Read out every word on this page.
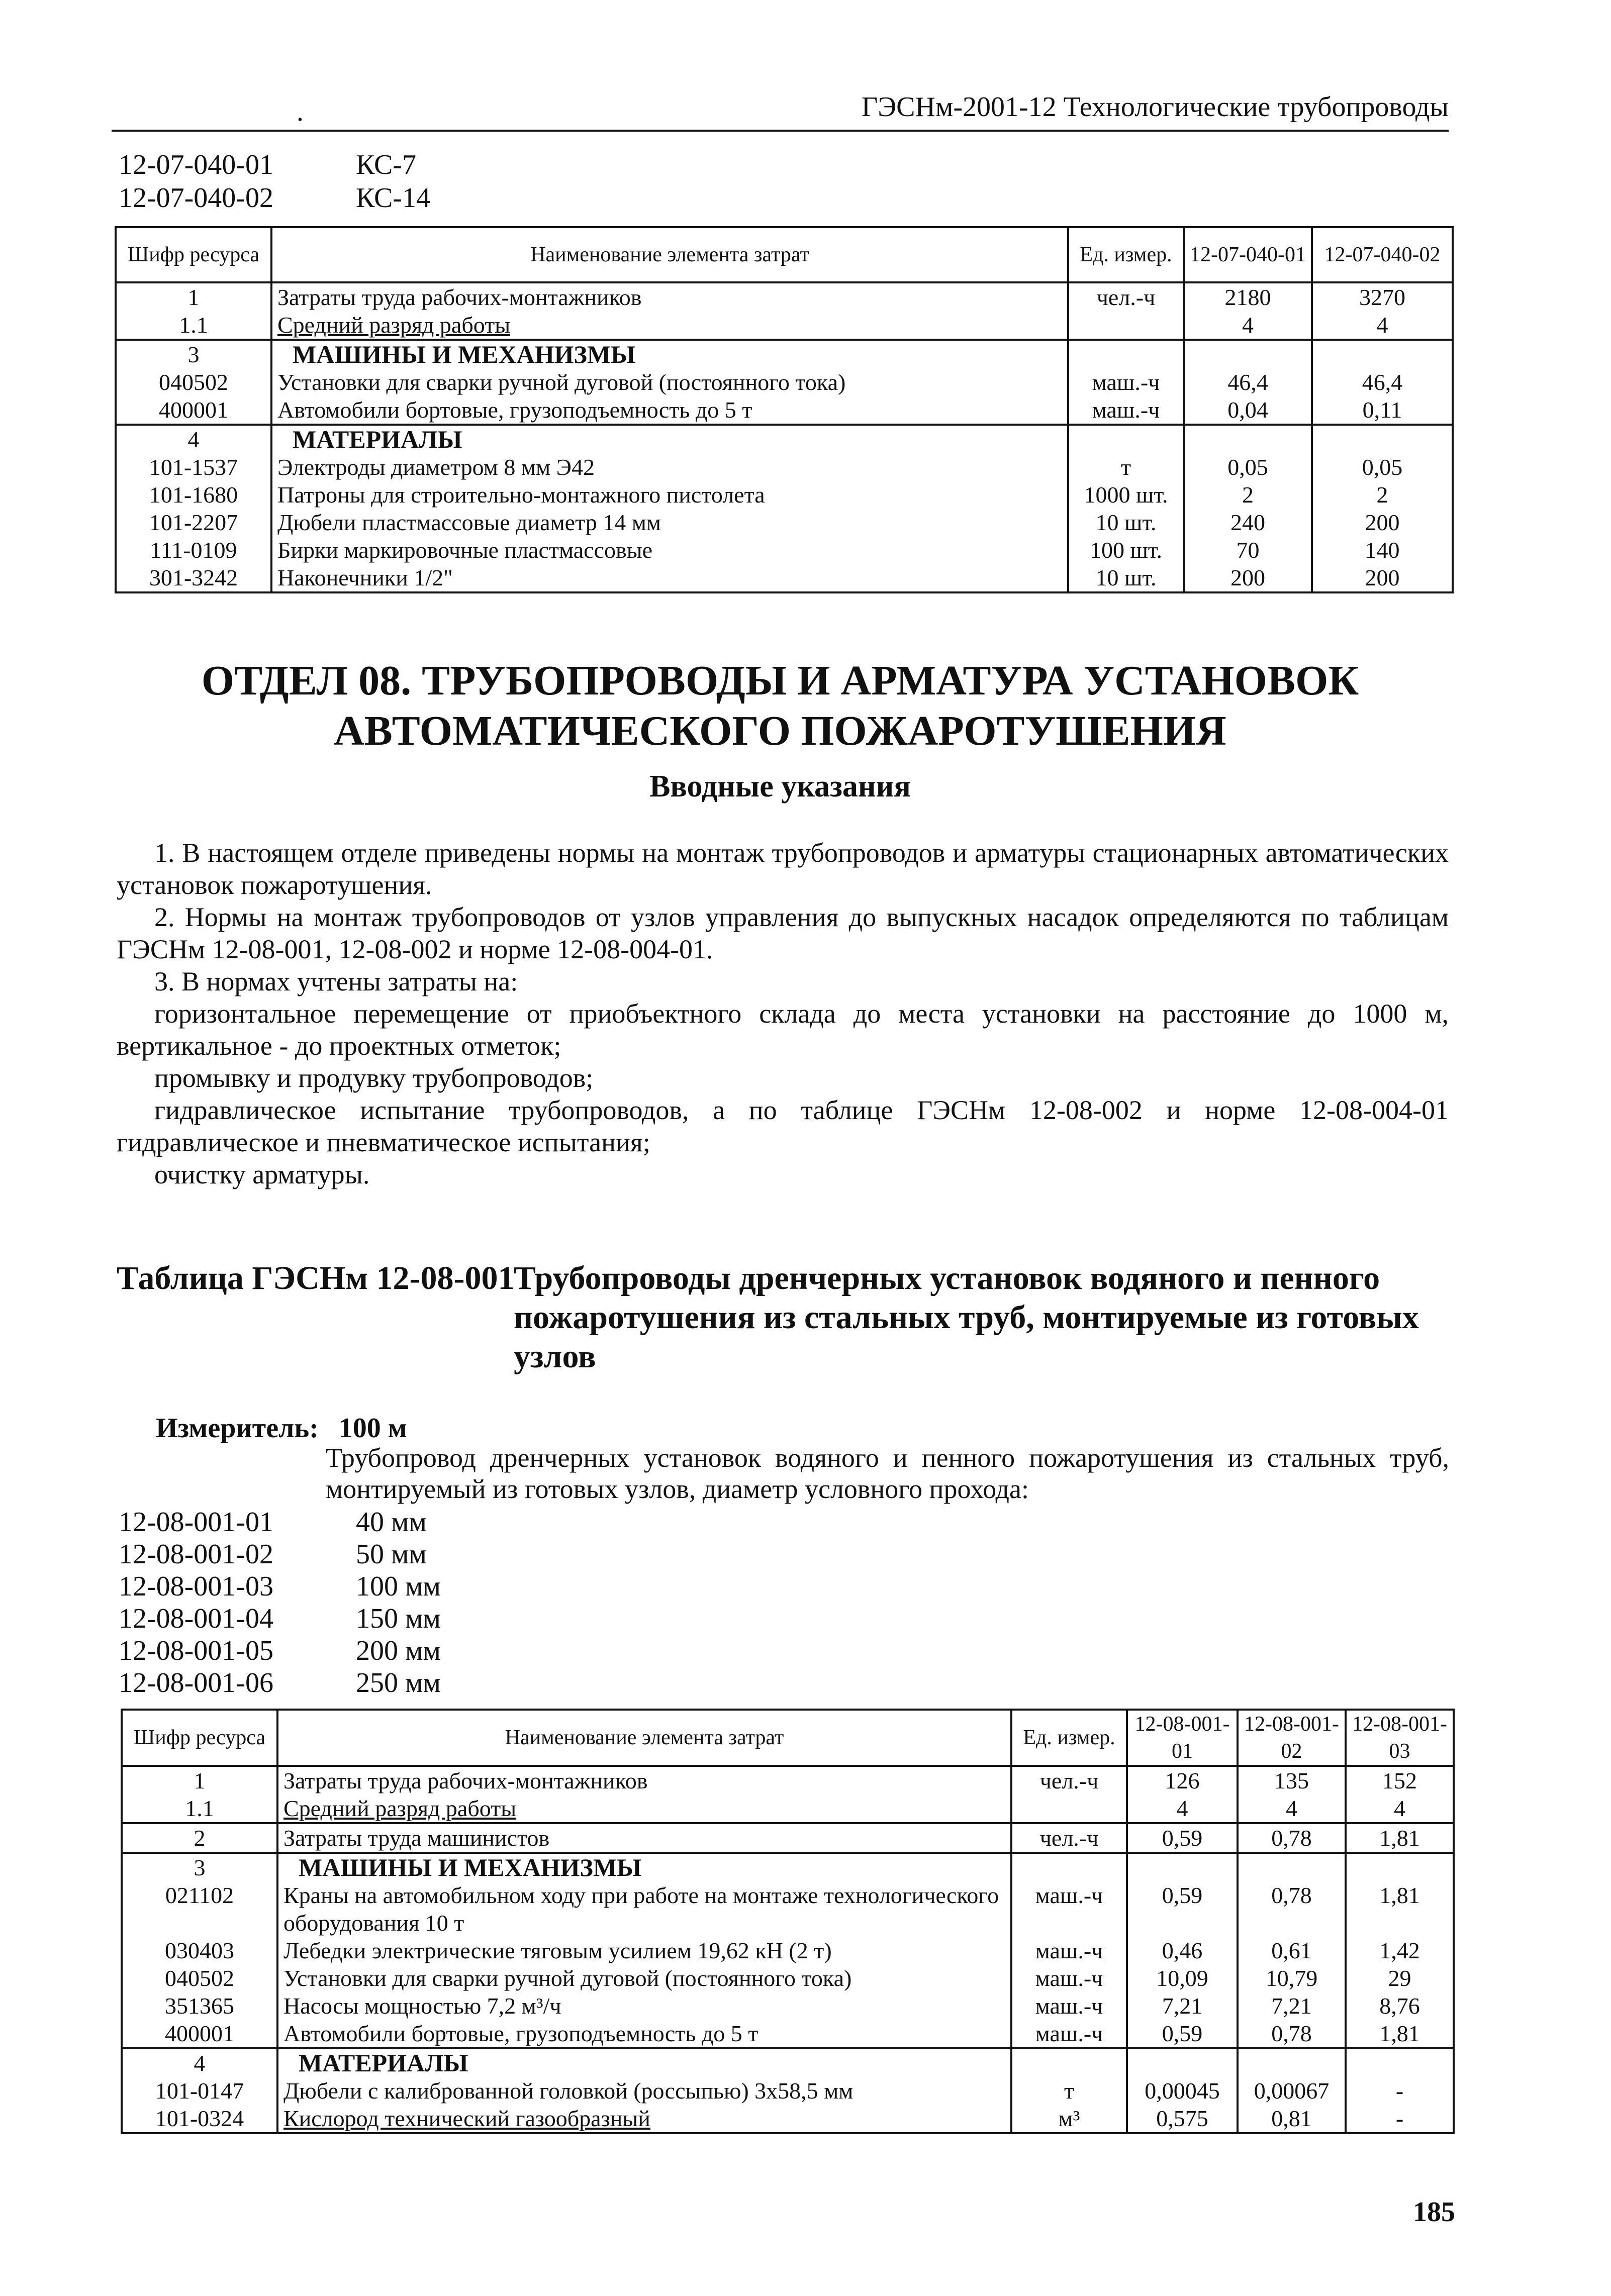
ГЭСНм-2001-12 Технологические трубопроводы
.
12-07-040-01	КС-7
12-07-040-02	КС-14
Шифр ресурса	Наименование элемента затрат	Ед. измер.	12-07-040-01	12-07-040-02
1	Затраты труда рабочих-монтажников	чел.-ч	2180	3270
1.1	Средний разряд работы		4	4
3	МАШИНЫ И МЕХАНИЗМЫ			
040502	Установки для сварки ручной дуговой (постоянного тока)	маш.-ч	46,4	46,4
400001	Автомобили бортовые, грузоподъемность до 5 т	маш.-ч	0,04	0,11
4	МАТЕРИАЛЫ			
101-1537	Электроды диаметром 8 мм Э42	т	0,05	0,05
101-1680	Патроны для строительно-монтажного пистолета	1000 шт.	2	2
101-2207	Дюбели пластмассовые диаметр 14 мм	10 шт.	240	200
111-0109	Бирки маркировочные пластмассовые	100 шт.	70	140
301-3242	Наконечники 1/2"	10 шт.	200	200
ОТДЕЛ 08. ТРУБОПРОВОДЫ И АРМАТУРА УСТАНОВОК
АВТОМАТИЧЕСКОГО ПОЖАРОТУШЕНИЯ
Вводные указания

1. В настоящем отделе приведены нормы на монтаж трубопроводов и арматуры стационарных автоматических установок пожаротушения.

2. Нормы на монтаж трубопроводов от узлов управления до выпускных насадок определяются по таблицам ГЭСНм 12-08-001, 12-08-002 и норме 12-08-004-01.

3. В нормах учтены затраты на:

горизонтальное перемещение от приобъектного склада до места установки на расстояние до 1000 м, вертикальное - до проектных отметок;

промывку и продувку трубопроводов;

гидравлическое испытание трубопроводов, а по таблице ГЭСНм 12-08-002 и норме 12-08-004-01 гидравлическое и пневматическое испытания;

очистку арматуры.

Таблица ГЭСНм 12-08-001
Трубопроводы дренчерных установок водяного и пенного пожаротушения из стальных труб, монтируемые из готовых узлов
Измеритель: 100 м
Трубопровод дренчерных установок водяного и пенного пожаротушения из стальных труб, монтируемый из готовых узлов, диаметр условного прохода:
12-08-001-01	40 мм
12-08-001-02	50 мм
12-08-001-03	100 мм
12-08-001-04	150 мм
12-08-001-05	200 мм
12-08-001-06	250 мм
Шифр ресурса	Наименование элемента затрат	Ед. измер.	12-08-001-01	12-08-001-02	12-08-001-03
1	Затраты труда рабочих-монтажников	чел.-ч	126	135	152
1.1	Средний разряд работы		4	4	4
2	Затраты труда машинистов	чел.-ч	0,59	0,78	1,81
3	МАШИНЫ И МЕХАНИЗМЫ				
021102	Краны на автомобильном ходу при работе на монтаже технологического оборудования 10 т	маш.-ч	0,59	0,78	1,81
030403	Лебедки электрические тяговым усилием 19,62 кН (2 т)	маш.-ч	0,46	0,61	1,42
040502	Установки для сварки ручной дуговой (постоянного тока)	маш.-ч	10,09	10,79	29
351365	Насосы мощностью 7,2 м³/ч	маш.-ч	7,21	7,21	8,76
400001	Автомобили бортовые, грузоподъемность до 5 т	маш.-ч	0,59	0,78	1,81
4	МАТЕРИАЛЫ				
101-0147	Дюбели с калиброванной головкой (россыпью) 3х58,5 мм	т	0,00045	0,00067	-
101-0324	Кислород технический газообразный	м³	0,575	0,81	-
185
